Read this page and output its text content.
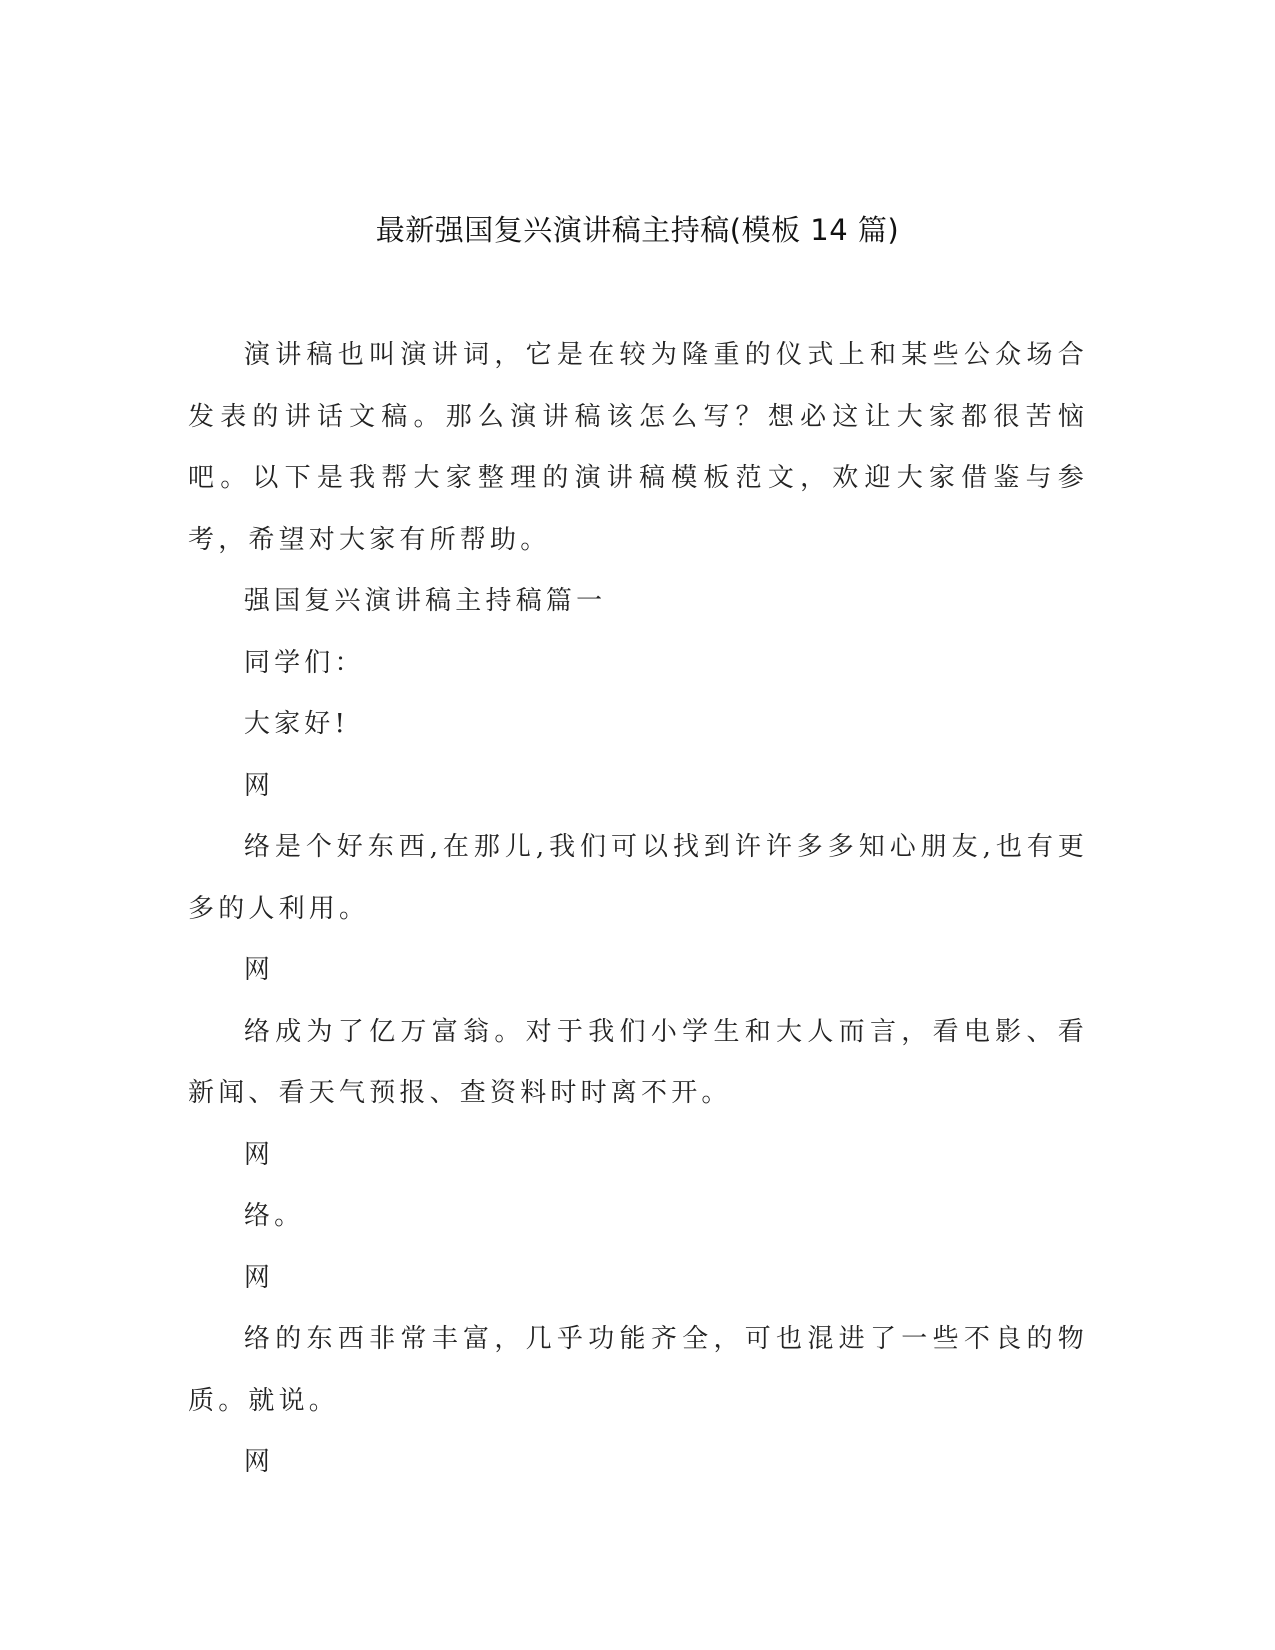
最新强国复兴演讲稿主持稿(模板 14 篇)

演讲稿也叫演讲词，它是在较为隆重的仪式上和某些公众场合发表的讲话文稿。那么演讲稿该怎么写？想必这让大家都很苦恼吧。以下是我帮大家整理的演讲稿模板范文，欢迎大家借鉴与参考，希望对大家有所帮助。

强国复兴演讲稿主持稿篇一

同学们：

大家好!

网

络是个好东西,在那儿,我们可以找到许许多多知心朋友,也有更多的人利用。

网

络成为了亿万富翁。对于我们小学生和大人而言，看电影、看新闻、看天气预报、查资料时时离不开。

网

络。

网

络的东西非常丰富，几乎功能齐全，可也混进了一些不良的物质。就说。

网
